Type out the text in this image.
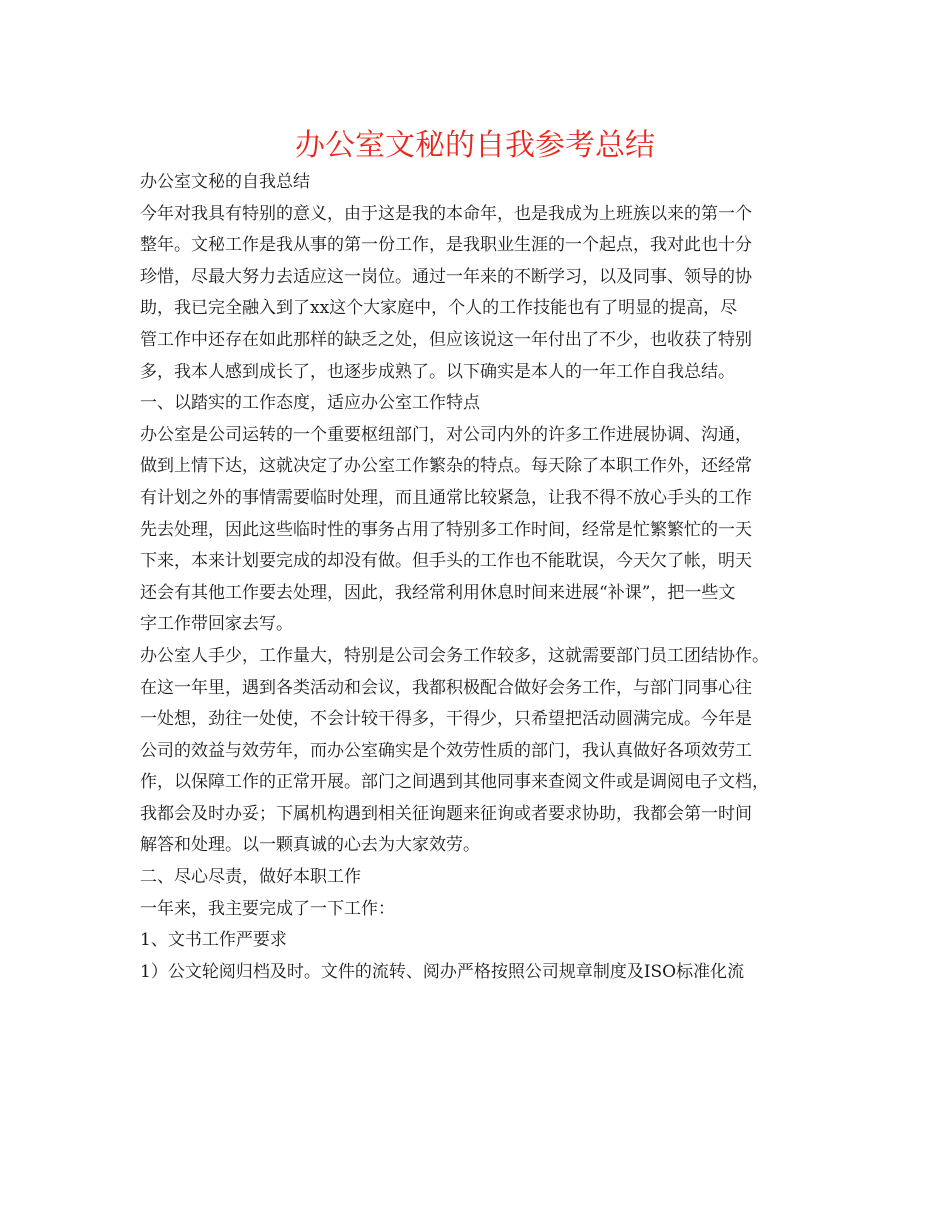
办公室文秘的自我参考总结
办公室文秘的自我总结
今年对我具有特别的意义，由于这是我的本命年，也是我成为上班族以来的第一个
整年。文秘工作是我从事的第一份工作，是我职业生涯的一个起点，我对此也十分
珍惜，尽最大努力去适应这一岗位。通过一年来的不断学习，以及同事、领导的协
助，我已完全融入到了xx这个大家庭中，个人的工作技能也有了明显的提高，尽
管工作中还存在如此那样的缺乏之处，但应该说这一年付出了不少，也收获了特别
多，我本人感到成长了，也逐步成熟了。以下确实是本人的一年工作自我总结。
一、以踏实的工作态度，适应办公室工作特点
办公室是公司运转的一个重要枢纽部门，对公司内外的许多工作进展协调、沟通，
做到上情下达，这就决定了办公室工作繁杂的特点。每天除了本职工作外，还经常
有计划之外的事情需要临时处理，而且通常比较紧急，让我不得不放心手头的工作
先去处理，因此这些临时性的事务占用了特别多工作时间，经常是忙繁繁忙的一天
下来，本来计划要完成的却没有做。但手头的工作也不能耽误，今天欠了帐，明天
还会有其他工作要去处理，因此，我经常利用休息时间来进展“补课”，把一些文
字工作带回家去写。
办公室人手少，工作量大，特别是公司会务工作较多，这就需要部门员工团结协作。
在这一年里，遇到各类活动和会议，我都积极配合做好会务工作，与部门同事心往
一处想，劲往一处使，不会计较干得多，干得少，只希望把活动圆满完成。今年是
公司的效益与效劳年，而办公室确实是个效劳性质的部门，我认真做好各项效劳工
作，以保障工作的正常开展。部门之间遇到其他同事来查阅文件或是调阅电子文档，
我都会及时办妥；下属机构遇到相关征询题来征询或者要求协助，我都会第一时间
解答和处理。以一颗真诚的心去为大家效劳。
二、尽心尽责，做好本职工作
一年来，我主要完成了一下工作：
1、文书工作严要求
1）公文轮阅归档及时。文件的流转、阅办严格按照公司规章制度及ISO标准化流
